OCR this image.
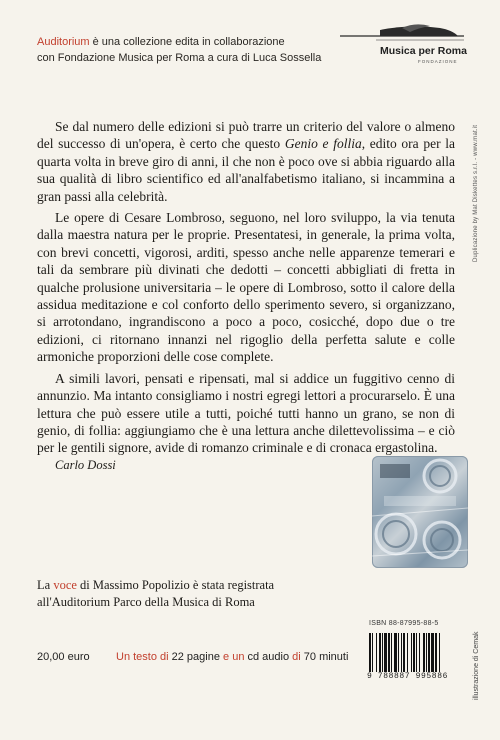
Auditorium è una collezione edita in collaborazione
con Fondazione Musica per Roma a cura di Luca Sossella
Musica per Roma
FONDAZIONE

Se dal numero delle edizioni si può trarre un criterio del valore o almeno del successo di un'opera, è certo che questo Genio e follia, edito ora per la quarta volta in breve giro di anni, il che non è poco ove si abbia riguardo alla sua qualità di libro scientifico ed all'analfabetismo italiano, si incammina a gran passi alla celebrità.

Le opere di Cesare Lombroso, seguono, nel loro sviluppo, la via tenuta dalla maestra natura per le proprie. Presentatesi, in generale, la prima volta, con brevi concetti, vigorosi, arditi, spesso anche nelle apparenze temerari e tali da sembrare più divinati che dedotti – concetti abbigliati di fretta in qualche prolusione universitaria – le opere di Lombroso, sotto il calore della assidua meditazione e col conforto dello sperimento severo, si organizzano, si arrotondano, ingrandiscono a poco a poco, cosicché, dopo due o tre edizioni, ci ritornano innanzi nel rigoglio della perfetta salute e colle armoniche proporzioni delle cose complete.

A simili lavori, pensati e ripensati, mal si addice un fuggitivo cenno di annunzio. Ma intanto consigliamo i nostri egregi lettori a procurarselo. È una lettura che può essere utile a tutti, poiché tutti hanno un grano, se non di genio, di follia: aggiungiamo che è una lettura anche dilettevolissima – e ciò per le gentili signore, avide di romanzo criminale e di cronaca ergastolina.

Carlo Dossi

Duplicazione by Mat Diskettes s.r.l. - www.mat.it
illustrazione di Cemak
La voce di Massimo Popolizio è stata registrata
all'Auditorium Parco della Musica di Roma
ISBN 88-87995-88-5
9 788887 995886
20,00 euro Un testo di 22 pagine e un cd audio di 70 minuti
